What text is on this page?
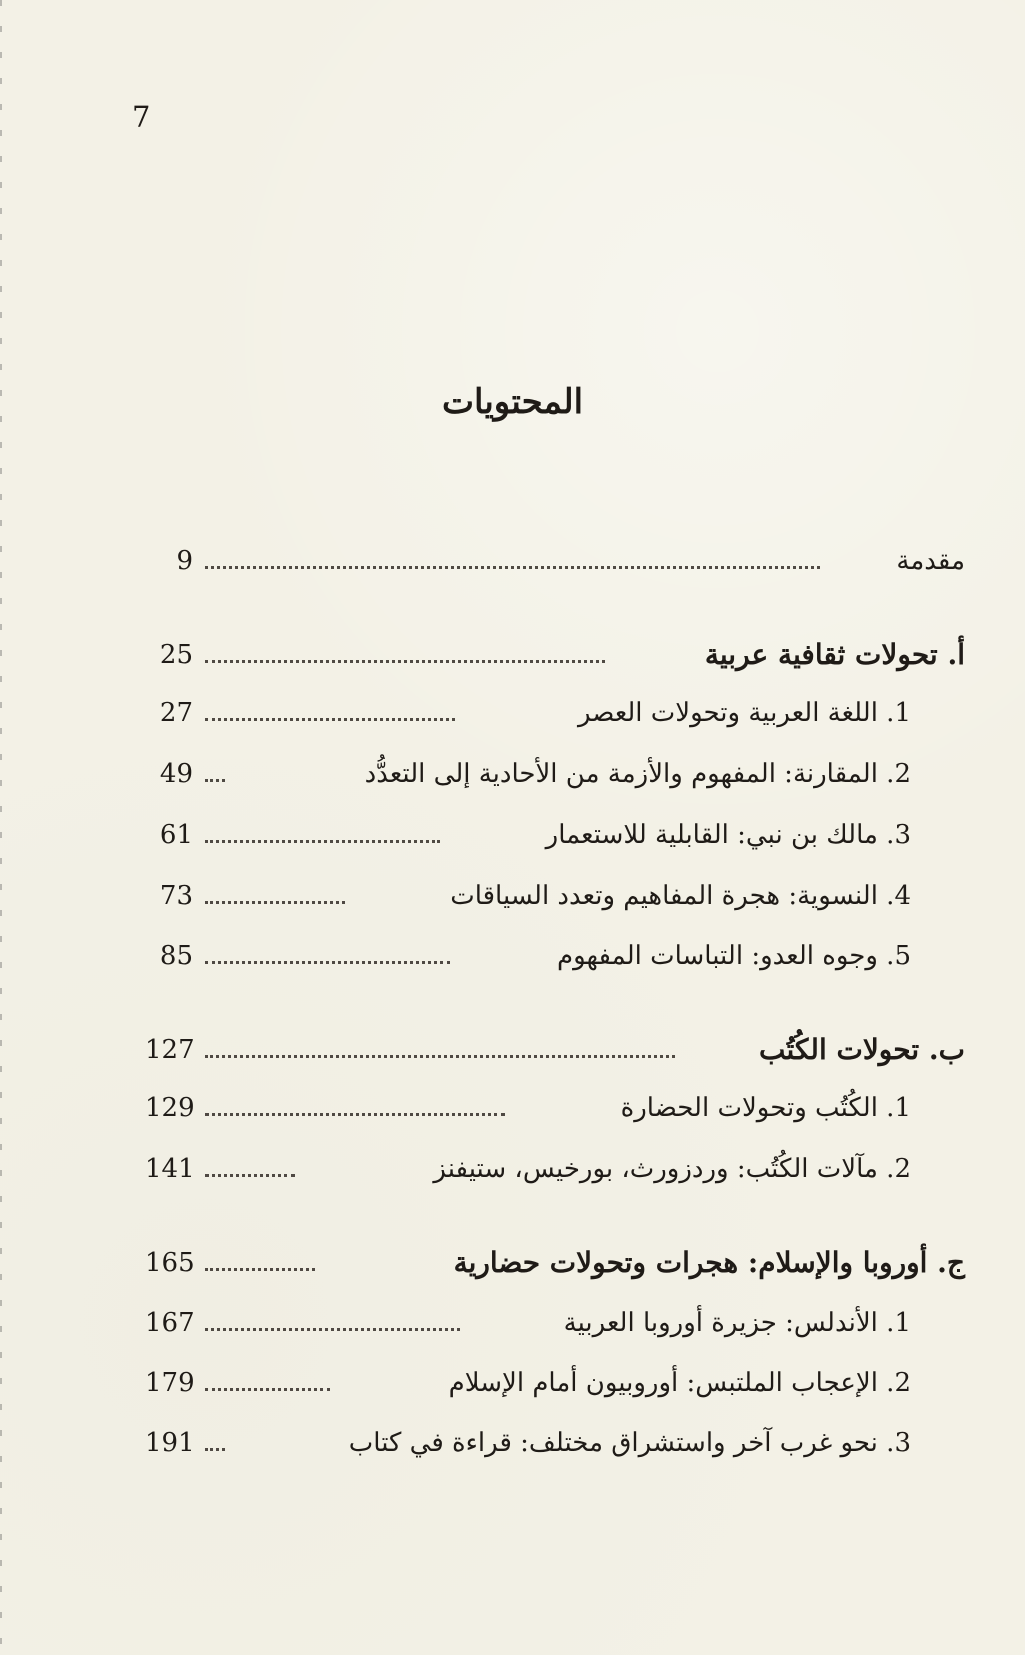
7
المحتويات
مقدمة
9
أ. تحولات ثقافية عربية
25
1. اللغة العربية وتحولات العصر
27
2. المقارنة: المفهوم والأزمة من الأحادية إلى التعدُّد
49
3. مالك بن نبي: القابلية للاستعمار
61
4. النسوية: هجرة المفاهيم وتعدد السياقات
73
5. وجوه العدو: التباسات المفهوم
85
ب. تحولات الكُتُب
127
1. الكُتُب وتحولات الحضارة
129
2. مآلات الكُتُب: وردزورث، بورخيس، ستيفنز
141
ج. أوروبا والإسلام: هجرات وتحولات حضارية
165
1. الأندلس: جزيرة أوروبا العربية
167
2. الإعجاب الملتبس: أوروبيون أمام الإسلام
179
3. نحو غرب آخر واستشراق مختلف: قراءة في كتاب
191
